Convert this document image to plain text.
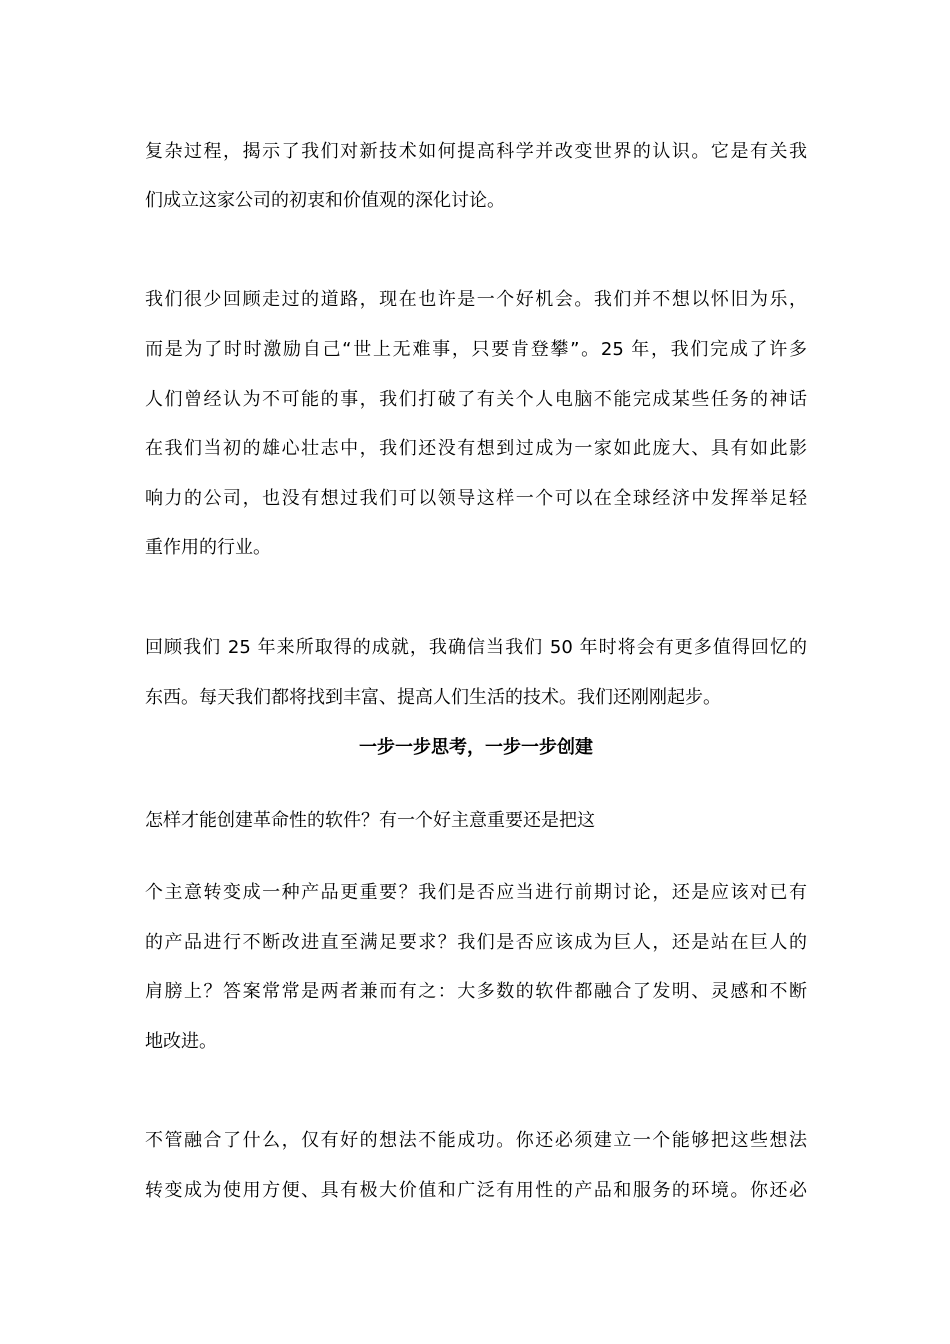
复杂过程，揭示了我们对新技术如何提高科学并改变世界的认识。它是有关我
们成立这家公司的初衷和价值观的深化讨论。
我们很少回顾走过的道路，现在也许是一个好机会。我们并不想以怀旧为乐，
而是为了时时激励自己“世上无难事，只要肯登攀”。25 年，我们完成了许多
人们曾经认为不可能的事，我们打破了有关个人电脑不能完成某些任务的神话
在我们当初的雄心壮志中，我们还没有想到过成为一家如此庞大、具有如此影
响力的公司，也没有想过我们可以领导这样一个可以在全球经济中发挥举足轻
重作用的行业。
回顾我们 25 年来所取得的成就，我确信当我们 50 年时将会有更多值得回忆的
东西。每天我们都将找到丰富、提高人们生活的技术。我们还刚刚起步。
一步一步思考，一步一步创建
怎样才能创建革命性的软件？有一个好主意重要还是把这
个主意转变成一种产品更重要？我们是否应当进行前期讨论，还是应该对已有
的产品进行不断改进直至满足要求？我们是否应该成为巨人，还是站在巨人的
肩膀上？答案常常是两者兼而有之：大多数的软件都融合了发明、灵感和不断
地改进。
不管融合了什么，仅有好的想法不能成功。你还必须建立一个能够把这些想法
转变成为使用方便、具有极大价值和广泛有用性的产品和服务的环境。你还必
